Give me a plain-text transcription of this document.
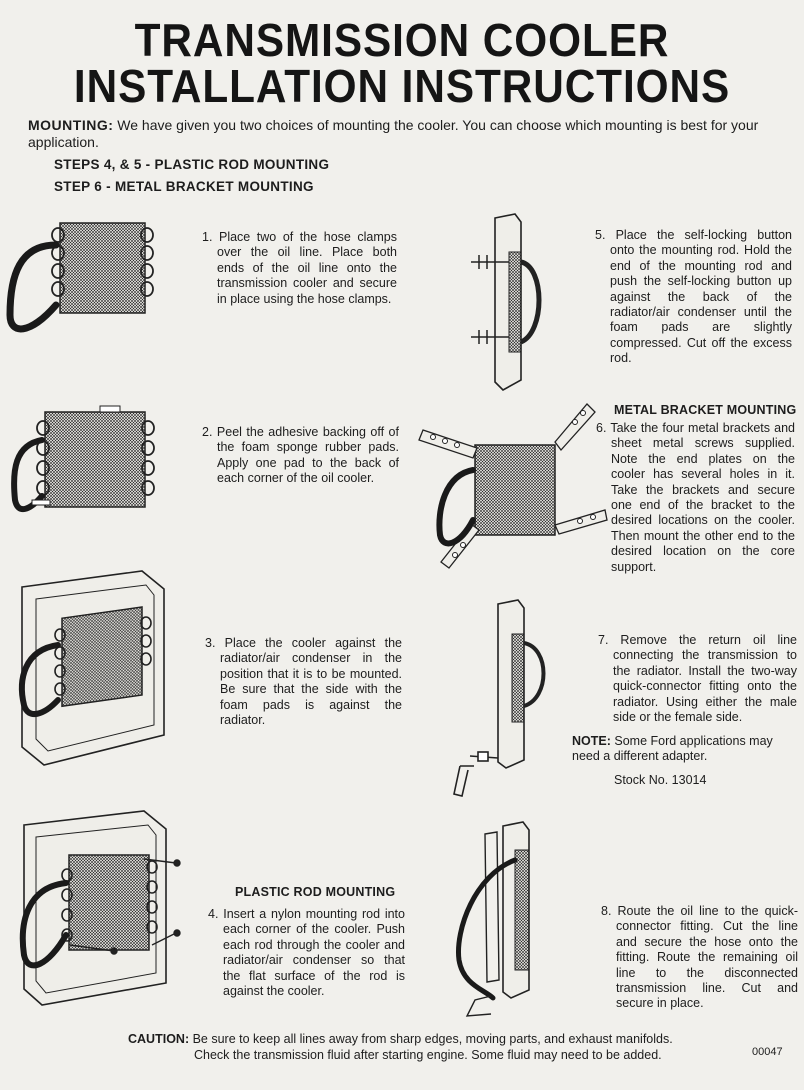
TRANSMISSION COOLER
INSTALLATION INSTRUCTIONS
MOUNTING: We have given you two choices of mounting the cooler. You can choose which mounting is best for your application.
STEPS 4, & 5 - PLASTIC ROD MOUNTING
STEP 6 - METAL BRACKET MOUNTING
1. Place two of the hose clamps over the oil line. Place both ends of the oil line onto the transmission cooler and secure in place using the hose clamps.
2. Peel the adhesive backing off of the foam sponge rubber pads. Apply one pad to the back of each corner of the oil cooler.
3. Place the cooler against the radiator/air condenser in the position that it is to be mounted. Be sure that the side with the foam pads is against the radiator.
PLASTIC ROD MOUNTING
4. Insert a nylon mounting rod into each corner of the cooler. Push each rod through the cooler and radiator/air condenser so that the flat surface of the rod is against the cooler.
5. Place the self-locking button onto the mounting rod. Hold the end of the mounting rod and push the self-locking button up against the back of the radiator/air condenser until the foam pads are slightly compressed. Cut off the excess rod.
METAL BRACKET MOUNTING
6. Take the four metal brackets and sheet metal screws supplied. Note the end plates on the cooler has several holes in it. Take the brackets and secure one end of the bracket to the desired locations on the cooler. Then mount the other end to the desired location on the core support.
7. Remove the return oil line connecting the transmission to the radiator. Install the two-way quick-connector fitting onto the radiator. Using either the male side or the female side.
NOTE: Some Ford applications may need a different adapter.
Stock No. 13014
8. Route the oil line to the quick-connector fitting. Cut the line and secure the hose onto the fitting. Route the remaining oil line to the disconnected transmission line. Cut and secure in place.
CAUTION: Be sure to keep all lines away from sharp edges, moving parts, and exhaust manifolds.
Check the transmission fluid after starting engine. Some fluid may need to be added.	00047
